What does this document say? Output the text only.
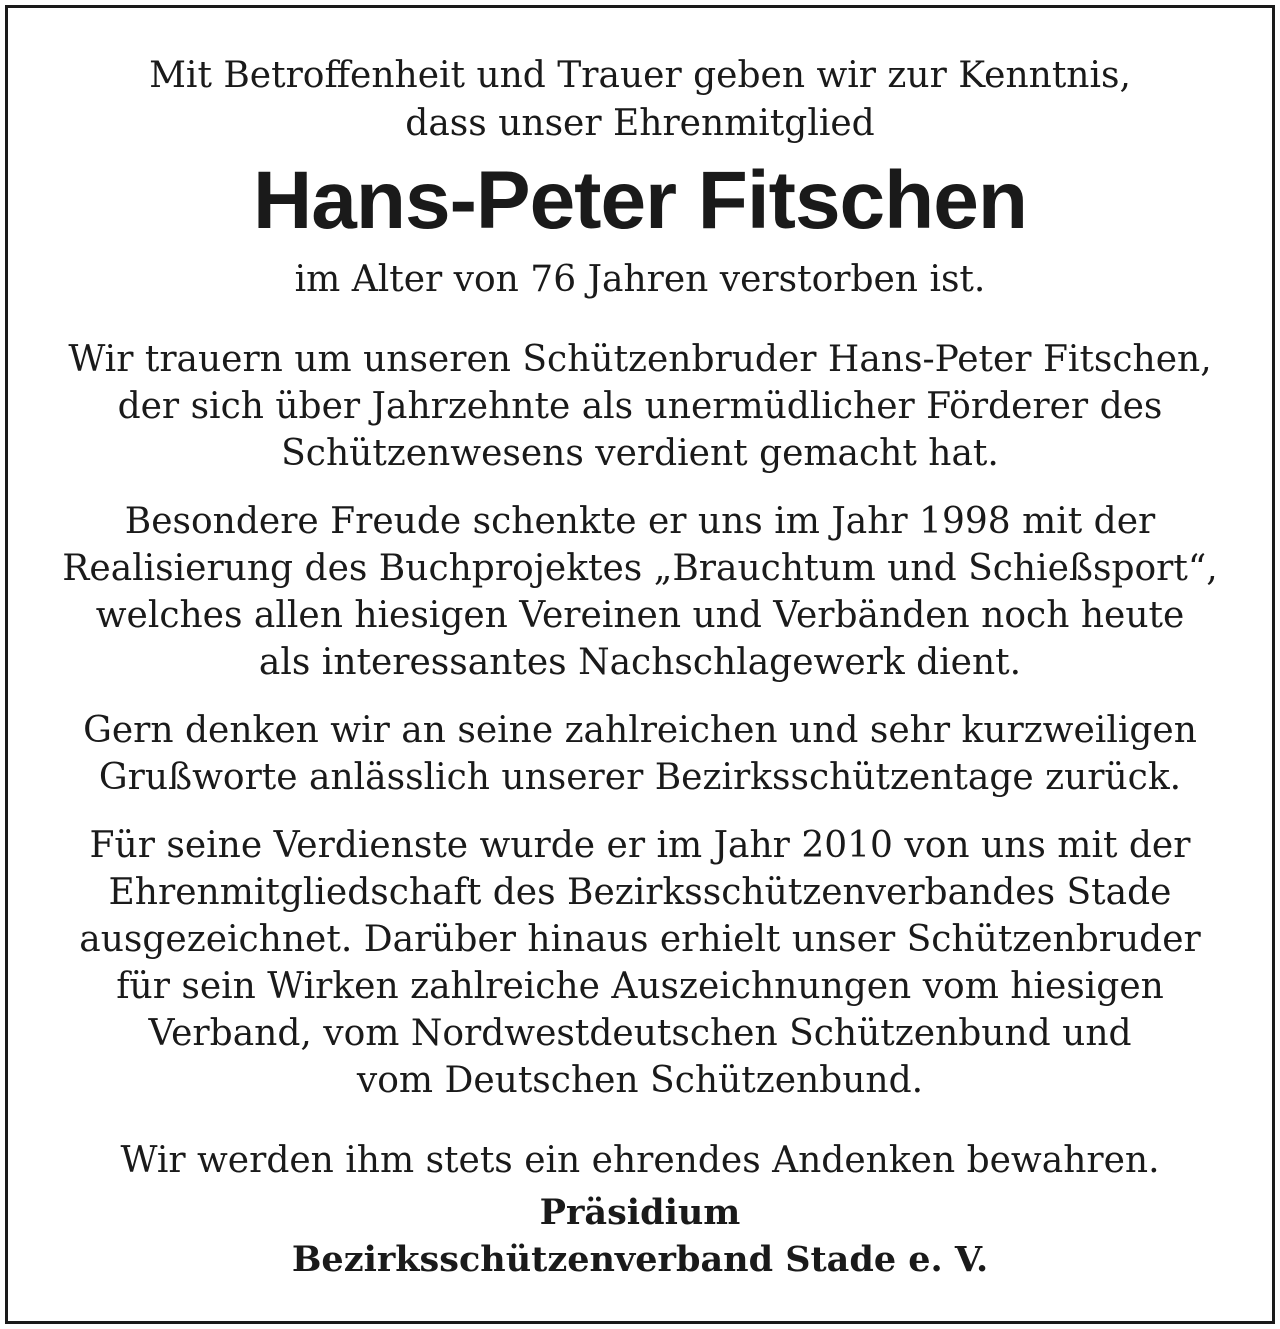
Mit Betroffenheit und Trauer geben wir zur Kenntnis,
dass unser Ehrenmitglied
Hans-Peter Fitschen
im Alter von 76 Jahren verstorben ist.
Wir trauern um unseren Schützenbruder Hans-Peter Fitschen,
der sich über Jahrzehnte als unermüdlicher Förderer des
Schützenwesens verdient gemacht hat.
Besondere Freude schenkte er uns im Jahr 1998 mit der
Realisierung des Buchprojektes „Brauchtum und Schießsport“,
welches allen hiesigen Vereinen und Verbänden noch heute
als interessantes Nachschlagewerk dient.
Gern denken wir an seine zahlreichen und sehr kurzweiligen
Grußworte anlässlich unserer Bezirksschützentage zurück.
Für seine Verdienste wurde er im Jahr 2010 von uns mit der
Ehrenmitgliedschaft des Bezirksschützenverbandes Stade
ausgezeichnet. Darüber hinaus erhielt unser Schützenbruder
für sein Wirken zahlreiche Auszeichnungen vom hiesigen
Verband, vom Nordwestdeutschen Schützenbund und
vom Deutschen Schützenbund.
Wir werden ihm stets ein ehrendes Andenken bewahren.
Präsidium
Bezirksschützenverband Stade e. V.
